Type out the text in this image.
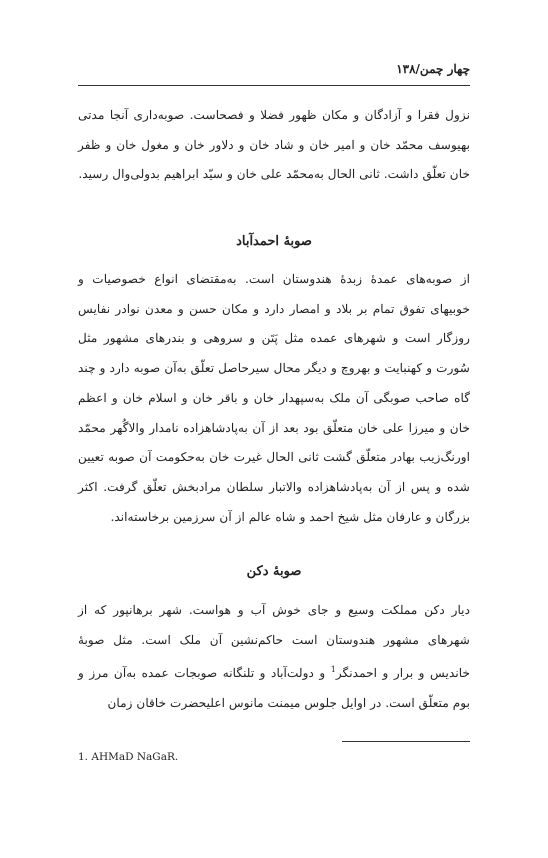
چهار چمن/۱۳۸

نزول فقرا و آزادگان و مکان ظهور فضلا و فصحاست. صوبه‌داری آنجا مدتی بهیوسف محمّد خان و امیر خان و شاد خان و دلاور خان و مغول خان و ظفر خان تعلّق داشت. ثانی الحال به‌محمّد علی خان و سیّد ابراهیم بدولی‌وال رسید.

صوبهٔ احمدآباد

از صوبه‌های عمدهٔ زبدهٔ هندوستان است. به‌مقتضای انواع خصوصیات و خوبیهای تفوق تمام بر بلاد و امصار دارد و مکان حسن و معدن نوادر نفایس روزگار است و شهرهای عمده مثل پَتَن و سروهی و بندرهای مشهور مثل سُورت و کهنبایت و بهروچ و دیگر محال سیرحاصل تعلّق به‌آن صوبه دارد و چند گاه صاحب صوبگی آن ملک به‌سپهدار خان و باقر خان و اسلام خان و اعظم خان و میرزا علی خان متعلّق بود بعد از آن به‌پادشاهزاده نامدار والاگُهر محمّد اورنگ‌زیب بهادر متعلّق گشت ثانی الحال غیرت خان به‌حکومت آن صوبه تعیین شده و پس از آن به‌پادشاهزاده والاتبار سلطان مرادبخش تعلّق گرفت. اکثر بزرگان و عارفان مثل شیخ احمد و شاه عالم از آن سرزمین برخاسته‌اند.

صوبهٔ دکن

دیار دکن مملکت وسیع و جای خوش آب و هواست. شهر برهانپور که از شهرهای مشهور هندوستان است حاکم‌نشین آن ملک است. مثل صوبهٔ خاندیس و برار و احمدنگر$^1$ و دولت‌آباد و تلنگانه صوبجات عمده به‌آن مرز و بوم متعلّق است. در اوایل جلوس میمنت مانوس اعلیحضرت خاقان زمان

1. AHMaD NaGaR.
